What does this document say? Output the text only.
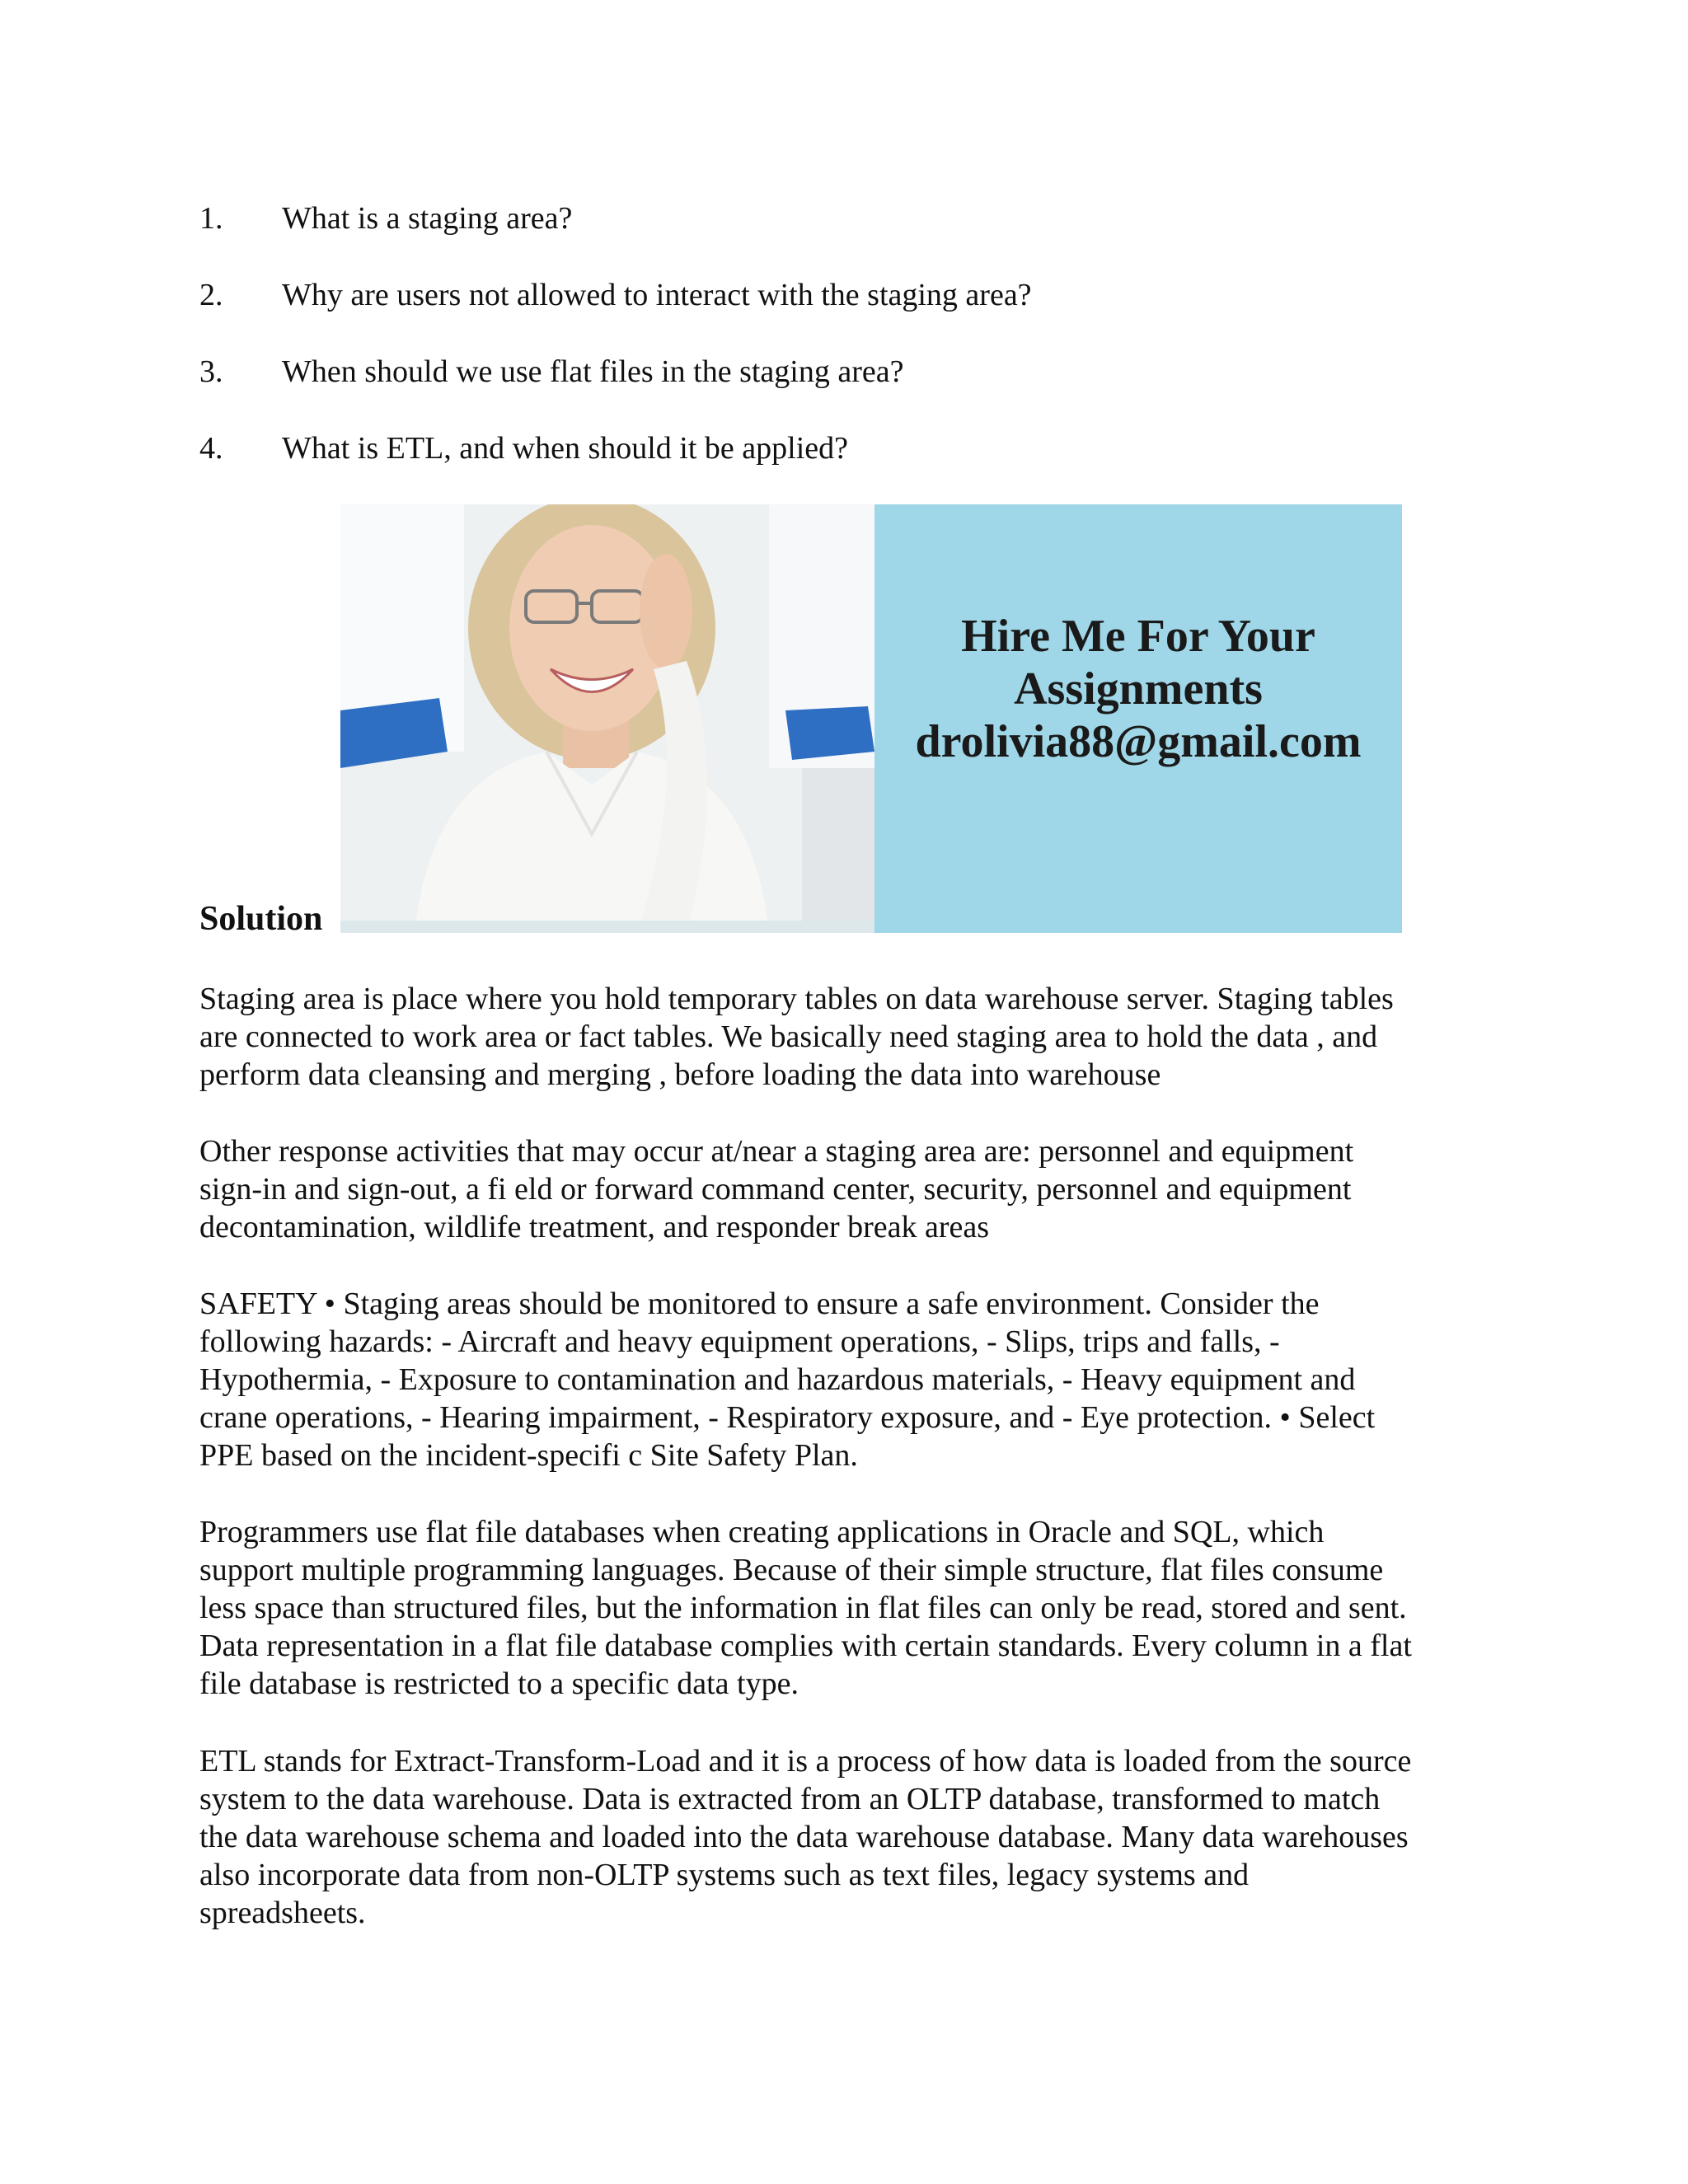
1. What is a staging area?
2. Why are users not allowed to interact with the staging area?
3. When should we use flat files in the staging area?
4. What is ETL, and when should it be applied?
Hire Me For Your
Assignments
drolivia88@gmail.com
Solution
Staging area is place where you hold temporary tables on data warehouse server. Staging tables
are connected to work area or fact tables. We basically need staging area to hold the data , and
perform data cleansing and merging , before loading the data into warehouse
Other response activities that may occur at/near a staging area are: personnel and equipment
sign-in and sign-out, a fi eld or forward command center, security, personnel and equipment
decontamination, wildlife treatment, and responder break areas
SAFETY • Staging areas should be monitored to ensure a safe environment. Consider the
following hazards: - Aircraft and heavy equipment operations, - Slips, trips and falls, -
Hypothermia, - Exposure to contamination and hazardous materials, - Heavy equipment and
crane operations, - Hearing impairment, - Respiratory exposure, and - Eye protection. • Select
PPE based on the incident-specifi c Site Safety Plan.
Programmers use flat file databases when creating applications in Oracle and SQL, which
support multiple programming languages. Because of their simple structure, flat files consume
less space than structured files, but the information in flat files can only be read, stored and sent.
Data representation in a flat file database complies with certain standards. Every column in a flat
file database is restricted to a specific data type.
ETL stands for Extract-Transform-Load and it is a process of how data is loaded from the source
system to the data warehouse. Data is extracted from an OLTP database, transformed to match
the data warehouse schema and loaded into the data warehouse database. Many data warehouses
also incorporate data from non-OLTP systems such as text files, legacy systems and
spreadsheets.
